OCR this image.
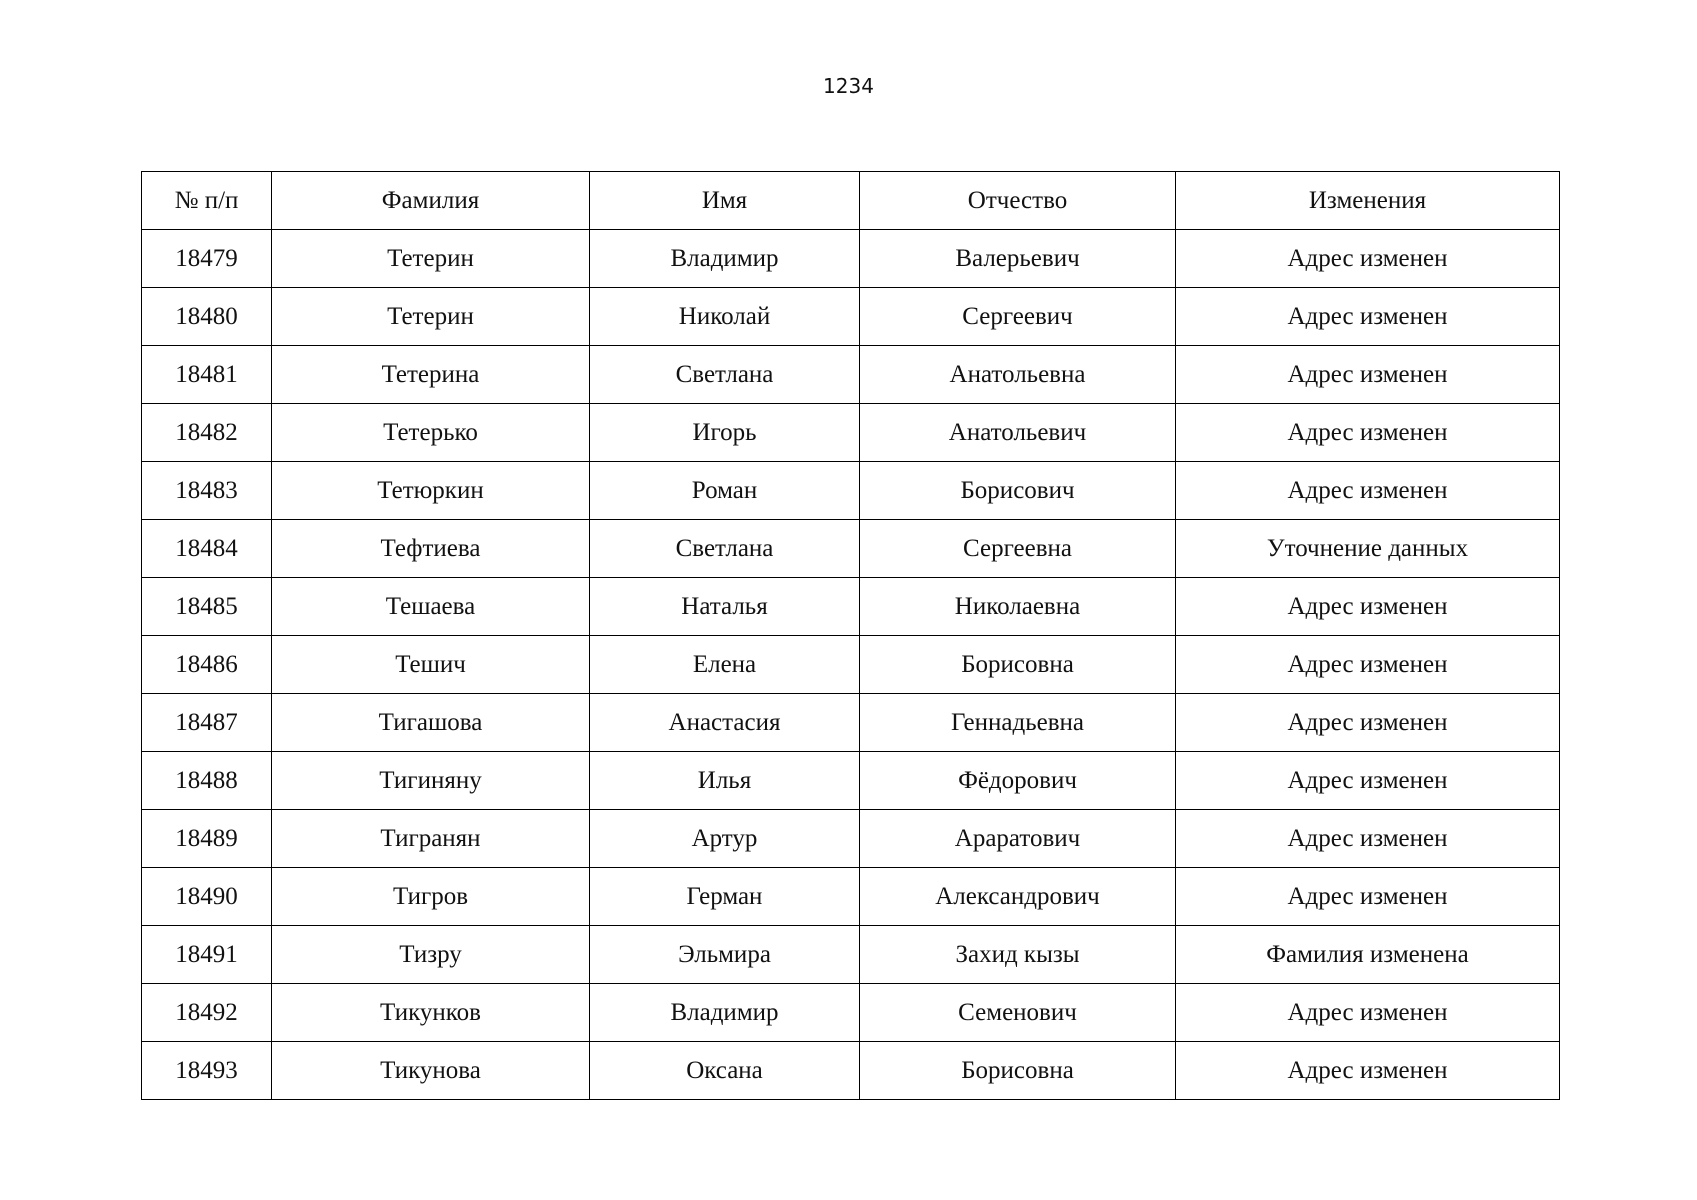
1234
№ п/п	Фамилия	Имя	Отчество	Изменения
18479	Тетерин	Владимир	Валерьевич	Адрес изменен
18480	Тетерин	Николай	Сергеевич	Адрес изменен
18481	Тетерина	Светлана	Анатольевна	Адрес изменен
18482	Тетерько	Игорь	Анатольевич	Адрес изменен
18483	Тетюркин	Роман	Борисович	Адрес изменен
18484	Тефтиева	Светлана	Сергеевна	Уточнение данных
18485	Тешаева	Наталья	Николаевна	Адрес изменен
18486	Тешич	Елена	Борисовна	Адрес изменен
18487	Тигашова	Анастасия	Геннадьевна	Адрес изменен
18488	Тигиняну	Илья	Фёдорович	Адрес изменен
18489	Тигранян	Артур	Араратович	Адрес изменен
18490	Тигров	Герман	Александрович	Адрес изменен
18491	Тизру	Эльмира	Захид кызы	Фамилия изменена
18492	Тикунков	Владимир	Семенович	Адрес изменен
18493	Тикунова	Оксана	Борисовна	Адрес изменен
